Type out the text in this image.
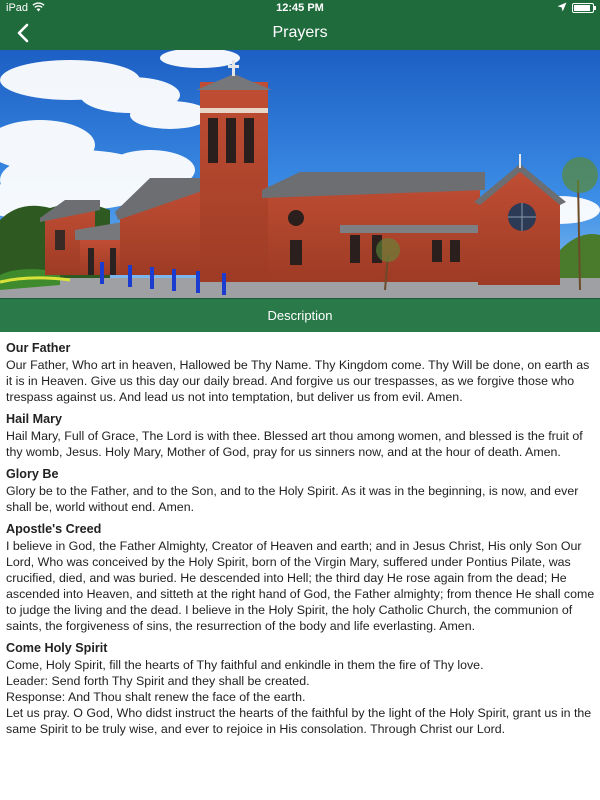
iPad	12:45 PM
Prayers
Description
Our Father

Our Father, Who art in heaven, Hallowed be Thy Name. Thy Kingdom come. Thy Will be done, on earth as it is in Heaven. Give us this day our daily bread. And forgive us our trespasses, as we forgive those who trespass against us. And lead us not into temptation, but deliver us from evil. Amen.

Hail Mary

Hail Mary, Full of Grace, The Lord is with thee. Blessed art thou among women, and blessed is the fruit of thy womb, Jesus. Holy Mary, Mother of God, pray for us sinners now, and at the hour of death. Amen.

Glory Be

Glory be to the Father, and to the Son, and to the Holy Spirit. As it was in the beginning, is now, and ever shall be, world without end. Amen.

Apostle's Creed

I believe in God, the Father Almighty, Creator of Heaven and earth; and in Jesus Christ, His only Son Our Lord, Who was conceived by the Holy Spirit, born of the Virgin Mary, suffered under Pontius Pilate, was crucified, died, and was buried. He descended into Hell; the third day He rose again from the dead; He ascended into Heaven, and sitteth at the right hand of God, the Father almighty; from thence He shall come to judge the living and the dead. I believe in the Holy Spirit, the holy Catholic Church, the communion of saints, the forgiveness of sins, the resurrection of the body and life everlasting. Amen.

Come Holy Spirit

Come, Holy Spirit, fill the hearts of Thy faithful and enkindle in them the fire of Thy love.

Leader: Send forth Thy Spirit and they shall be created.

Response: And Thou shalt renew the face of the earth.

Let us pray. O God, Who didst instruct the hearts of the faithful by the light of the Holy Spirit, grant us in the same Spirit to be truly wise, and ever to rejoice in His consolation. Through Christ our Lord.
